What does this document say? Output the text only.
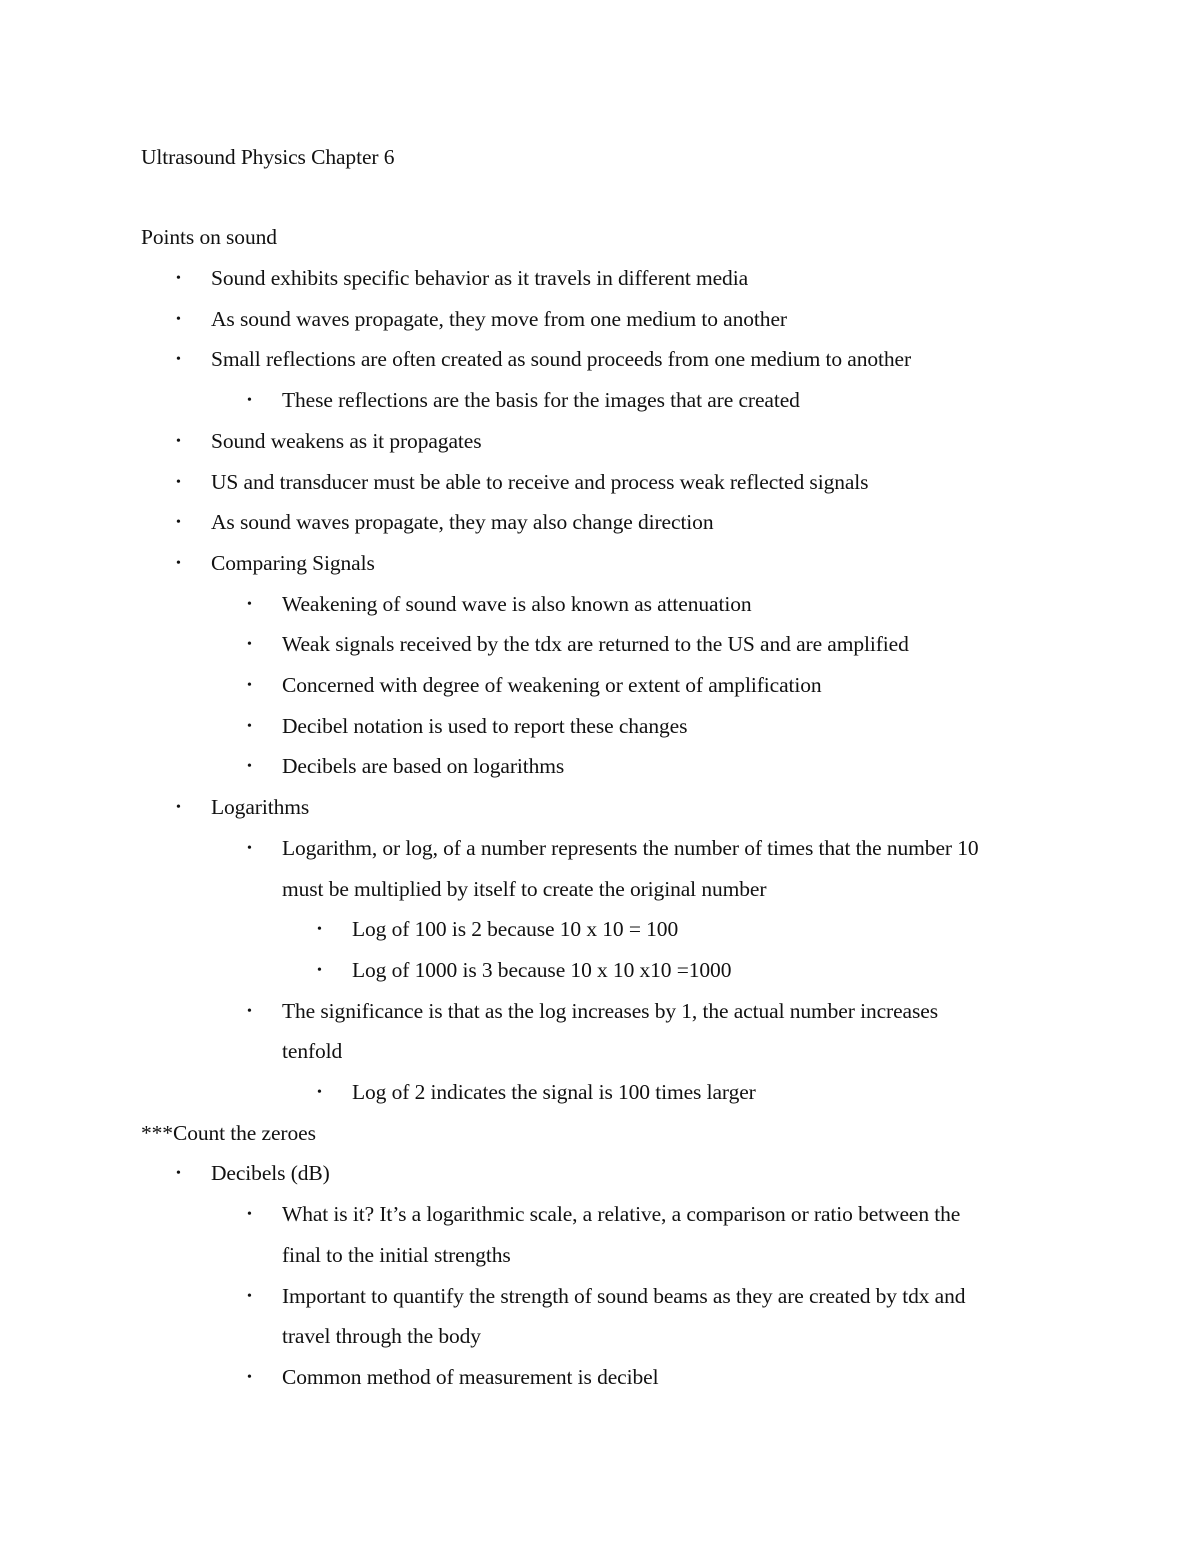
Ultrasound Physics Chapter 6
Points on sound
• Sound exhibits specific behavior as it travels in different media
• As sound waves propagate, they move from one medium to another
• Small reflections are often created as sound proceeds from one medium to another
• These reflections are the basis for the images that are created
• Sound weakens as it propagates
• US and transducer must be able to receive and process weak reflected signals
• As sound waves propagate, they may also change direction
• Comparing Signals
• Weakening of sound wave is also known as attenuation
• Weak signals received by the tdx are returned to the US and are amplified
• Concerned with degree of weakening or extent of amplification
• Decibel notation is used to report these changes
• Decibels are based on logarithms
• Logarithms
• Logarithm, or log, of a number represents the number of times that the number 10
must be multiplied by itself to create the original number
• Log of 100 is 2 because 10 x 10 = 100
• Log of 1000 is 3 because 10 x 10 x10 =1000
• The significance is that as the log increases by 1, the actual number increases
tenfold
• Log of 2 indicates the signal is 100 times larger
***Count the zeroes
• Decibels (dB)
• What is it? It’s a logarithmic scale, a relative, a comparison or ratio between the
final to the initial strengths
• Important to quantify the strength of sound beams as they are created by tdx and
travel through the body
• Common method of measurement is decibel
